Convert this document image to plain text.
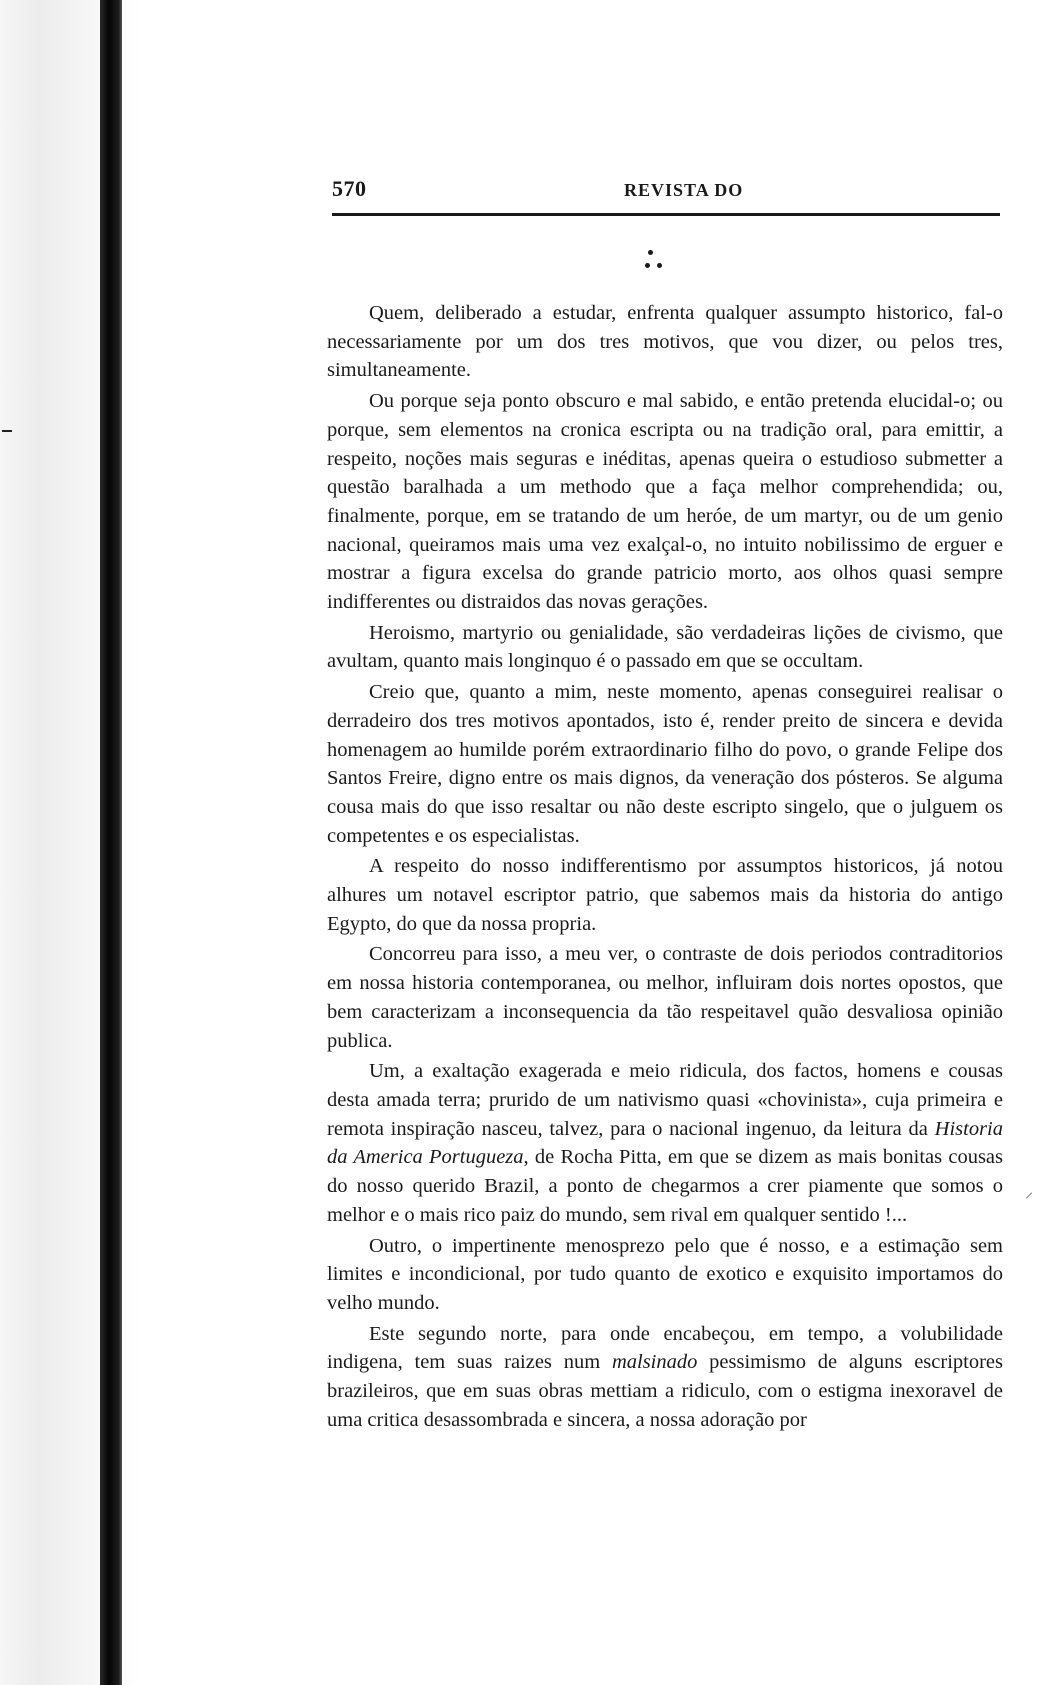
570	REVISTA DO

Quem, deliberado a estudar, enfrenta qualquer assumpto historico, fal-o necessariamente por um dos tres motivos, que vou dizer, ou pelos tres, simultaneamente.

Ou porque seja ponto obscuro e mal sabido, e então pretenda elucidal-o; ou porque, sem elementos na cronica escripta ou na tradição oral, para emittir, a respeito, noções mais seguras e inéditas, apenas queira o estudioso submetter a questão baralhada a um methodo que a faça melhor comprehendida; ou, finalmente, porque, em se tratando de um heróe, de um martyr, ou de um genio nacional, queiramos mais uma vez exalçal-o, no intuito nobilissimo de erguer e mostrar a figura excelsa do grande patricio morto, aos olhos quasi sempre indifferentes ou distraidos das novas gerações.

Heroismo, martyrio ou genialidade, são verdadeiras lições de civismo, que avultam, quanto mais longinquo é o passado em que se occultam.

Creio que, quanto a mim, neste momento, apenas conseguirei realisar o derradeiro dos tres motivos apontados, isto é, render preito de sincera e devida homenagem ao humilde porém extraordinario filho do povo, o grande Felipe dos Santos Freire, digno entre os mais dignos, da veneração dos pósteros. Se alguma cousa mais do que isso resaltar ou não deste escripto singelo, que o julguem os competentes e os especialistas.

A respeito do nosso indifferentismo por assumptos historicos, já notou alhures um notavel escriptor patrio, que sabemos mais da historia do antigo Egypto, do que da nossa propria.

Concorreu para isso, a meu ver, o contraste de dois periodos contraditorios em nossa historia contemporanea, ou melhor, influiram dois nortes opostos, que bem caracterizam a inconsequencia da tão respeitavel quão desvaliosa opinião publica.

Um, a exaltação exagerada e meio ridicula, dos factos, homens e cousas desta amada terra; prurido de um nativismo quasi «chovinista», cuja primeira e remota inspiração nasceu, talvez, para o nacional ingenuo, da leitura da Historia da America Portugueza, de Rocha Pitta, em que se dizem as mais bonitas cousas do nosso querido Brazil, a ponto de chegarmos a crer piamente que somos o melhor e o mais rico paiz do mundo, sem rival em qualquer sentido !...

Outro, o impertinente menosprezo pelo que é nosso, e a estimação sem limites e incondicional, por tudo quanto de exotico e exquisito importamos do velho mundo.

Este segundo norte, para onde encabeçou, em tempo, a volubilidade indigena, tem suas raizes num malsinado pessimismo de alguns escriptores brazileiros, que em suas obras mettiam a ridiculo, com o estigma inexoravel de uma critica desassombrada e sincera, a nossa adoração por
